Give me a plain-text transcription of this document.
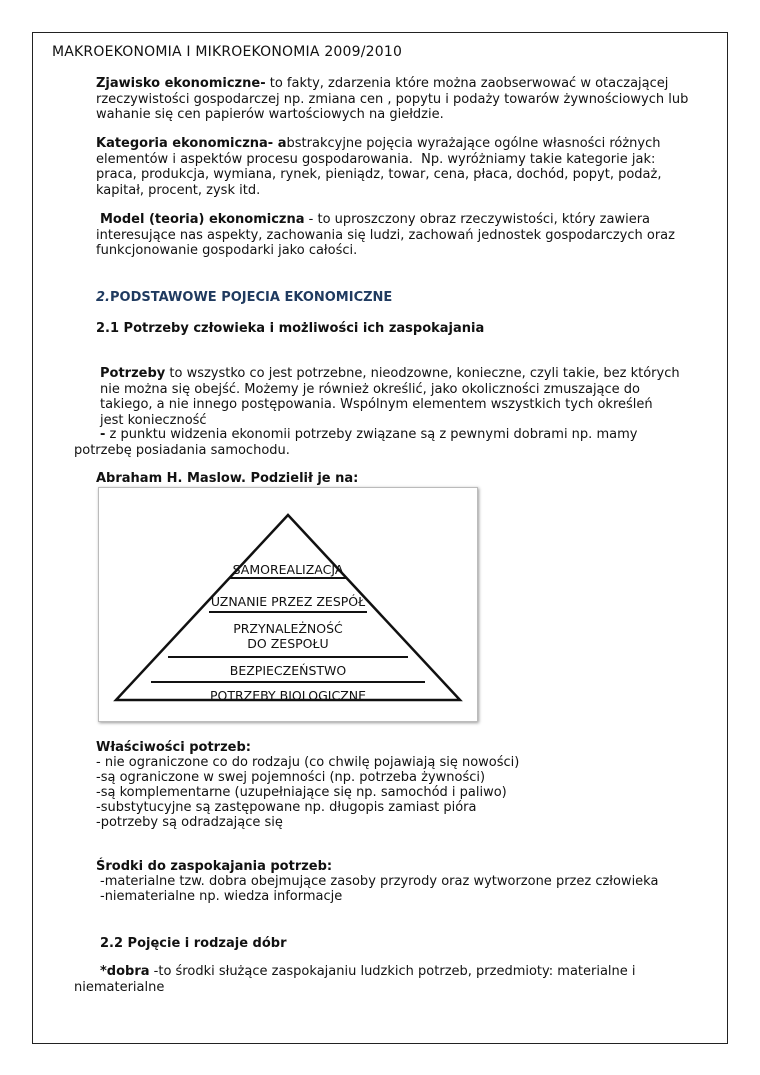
MAKROEKONOMIA I MIKROEKONOMIA 2009/2010
Zjawisko ekonomiczne- to fakty, zdarzenia które można zaobserwować w otaczającej rzeczywistości gospodarczej np. zmiana cen , popytu i podaży towarów żywnościowych lub wahanie się cen papierów wartościowych na giełdzie.
Kategoria ekonomiczna- abstrakcyjne pojęcia wyrażające ogólne własności różnych elementów i aspektów procesu gospodarowania.  Np. wyróżniamy takie kategorie jak: praca, produkcja, wymiana, rynek, pieniądz, towar, cena, płaca, dochód, popyt, podaż, kapitał, procent, zysk itd.
Model (teoria) ekonomiczna - to uproszczony obraz rzeczywistości, który zawiera interesujące nas aspekty, zachowania się ludzi, zachowań jednostek gospodarczych oraz funkcjonowanie gospodarki jako całości.
2.PODSTAWOWE POJECIA EKONOMICZNE
2.1 Potrzeby człowieka i możliwości ich zaspokajania
Potrzeby to wszystko co jest potrzebne, nieodzowne, konieczne, czyli takie, bez których nie można się obejść. Możemy je również określić, jako okoliczności zmuszające do takiego, a nie innego postępowania. Wspólnym elementem wszystkich tych określeń jest konieczność
- z punktu widzenia ekonomii potrzeby związane są z pewnymi dobrami np. mamy potrzebę posiadania samochodu.
Abraham H. Maslow. Podzielił je na:
SAMOREALIZACJA
UZNANIE PRZEZ ZESPÓŁ
PRZYNALEŻNOŚĆ
DO ZESPOŁU
BEZPIECZEŃSTWO
POTRZEBY BIOLOGICZNE
Właściwości potrzeb:
- nie ograniczone co do rodzaju (co chwilę pojawiają się nowości)
-są ograniczone w swej pojemności (np. potrzeba żywności)
-są komplementarne (uzupełniające się np. samochód i paliwo)
-substytucyjne są zastępowane np. długopis zamiast pióra
-potrzeby są odradzające się
Środki do zaspokajania potrzeb:
-materialne tzw. dobra obejmujące zasoby przyrody oraz wytworzone przez człowieka
-niematerialne np. wiedza informacje
2.2 Pojęcie i rodzaje dóbr
*dobra -to środki służące zaspokajaniu ludzkich potrzeb, przedmioty: materialne i niematerialne
